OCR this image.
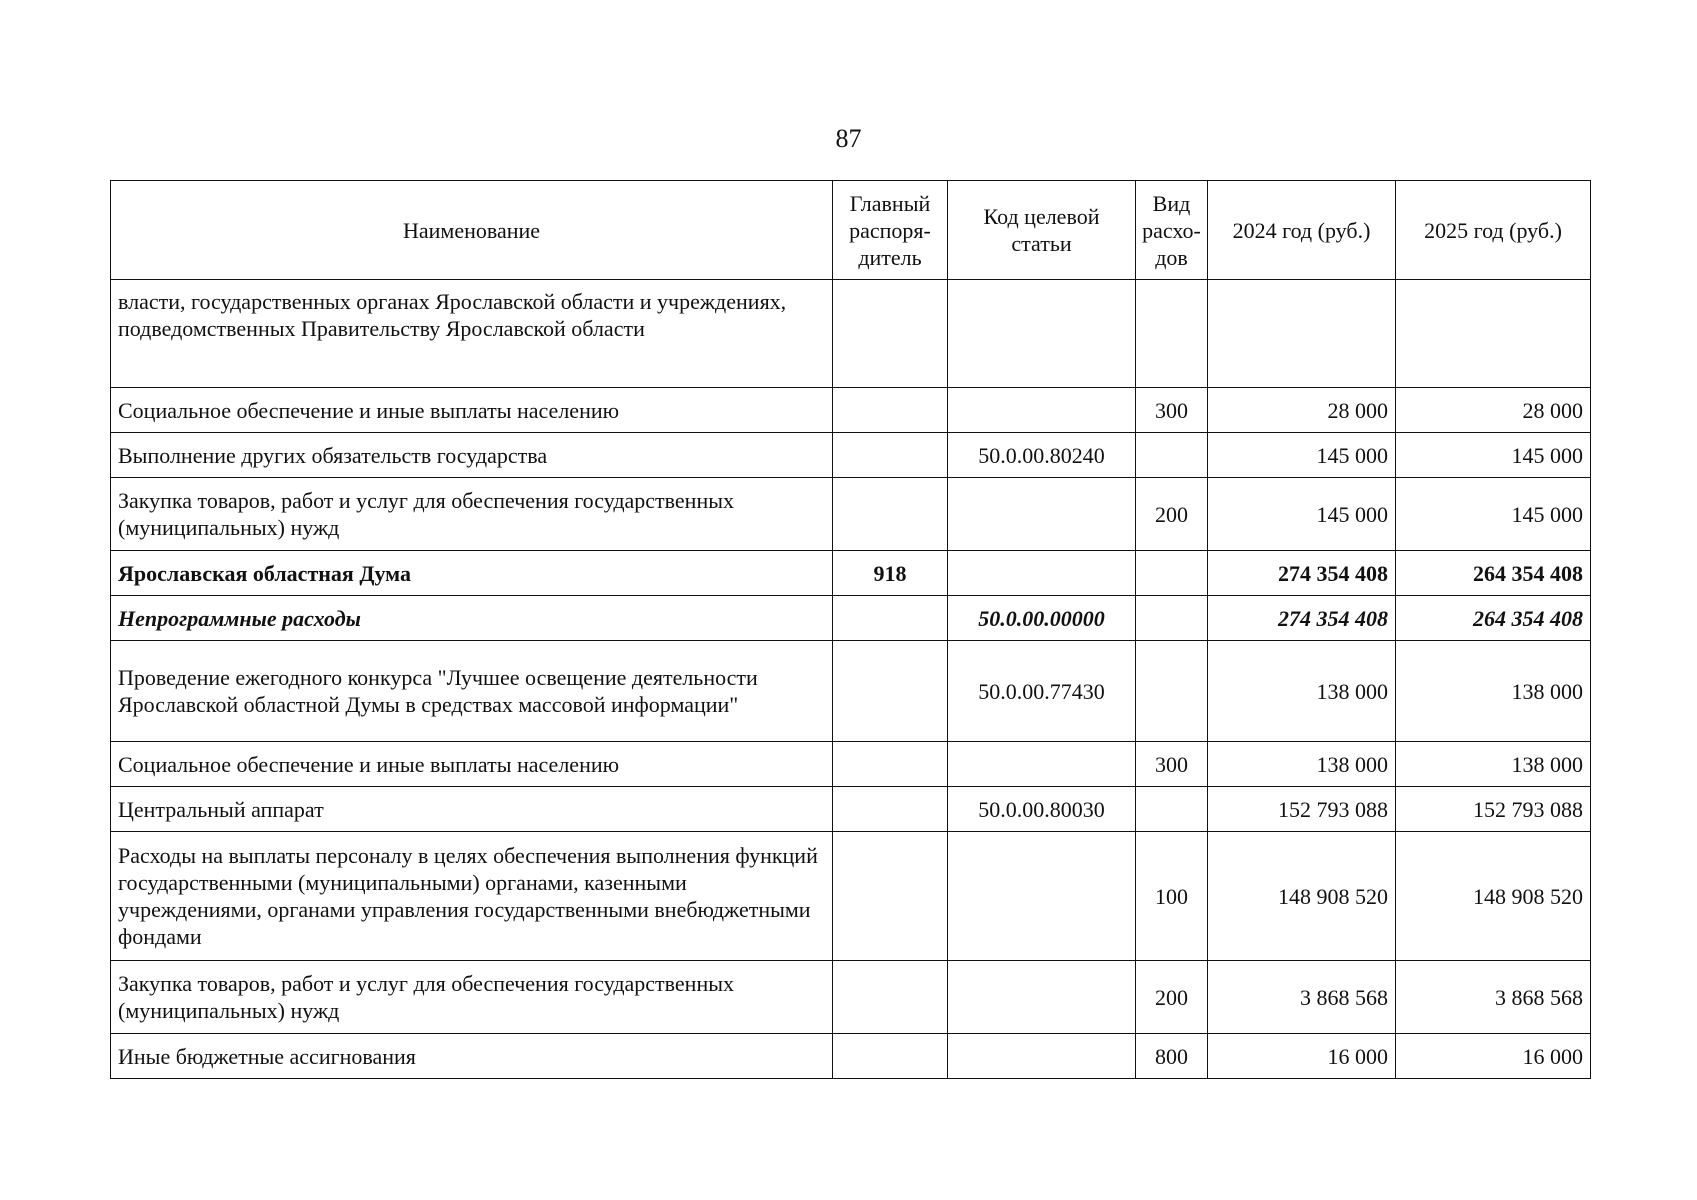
87
Наименование	Главный распоря-дитель	Код целевой статьи	Вид расхо-дов	2024 год (руб.)	2025 год (руб.)
власти, государственных органах Ярославской области и учреждениях, подведомственных Правительству Ярославской области					
Социальное обеспечение и иные выплаты населению			300	28 000	28 000
Выполнение других обязательств государства		50.0.00.80240		145 000	145 000
Закупка товаров, работ и услуг для обеспечения государственных (муниципальных) нужд			200	145 000	145 000
Ярославская областная Дума	918			274 354 408	264 354 408
Непрограммные расходы		50.0.00.00000		274 354 408	264 354 408
Проведение ежегодного конкурса "Лучшее освещение деятельности Ярославской областной Думы в средствах массовой информации"		50.0.00.77430		138 000	138 000
Социальное обеспечение и иные выплаты населению			300	138 000	138 000
Центральный аппарат		50.0.00.80030		152 793 088	152 793 088
Расходы на выплаты персоналу в целях обеспечения выполнения функций государственными (муниципальными) органами, казенными учреждениями, органами управления государственными внебюджетными фондами			100	148 908 520	148 908 520
Закупка товаров, работ и услуг для обеспечения государственных (муниципальных) нужд			200	3 868 568	3 868 568
Иные бюджетные ассигнования			800	16 000	16 000
